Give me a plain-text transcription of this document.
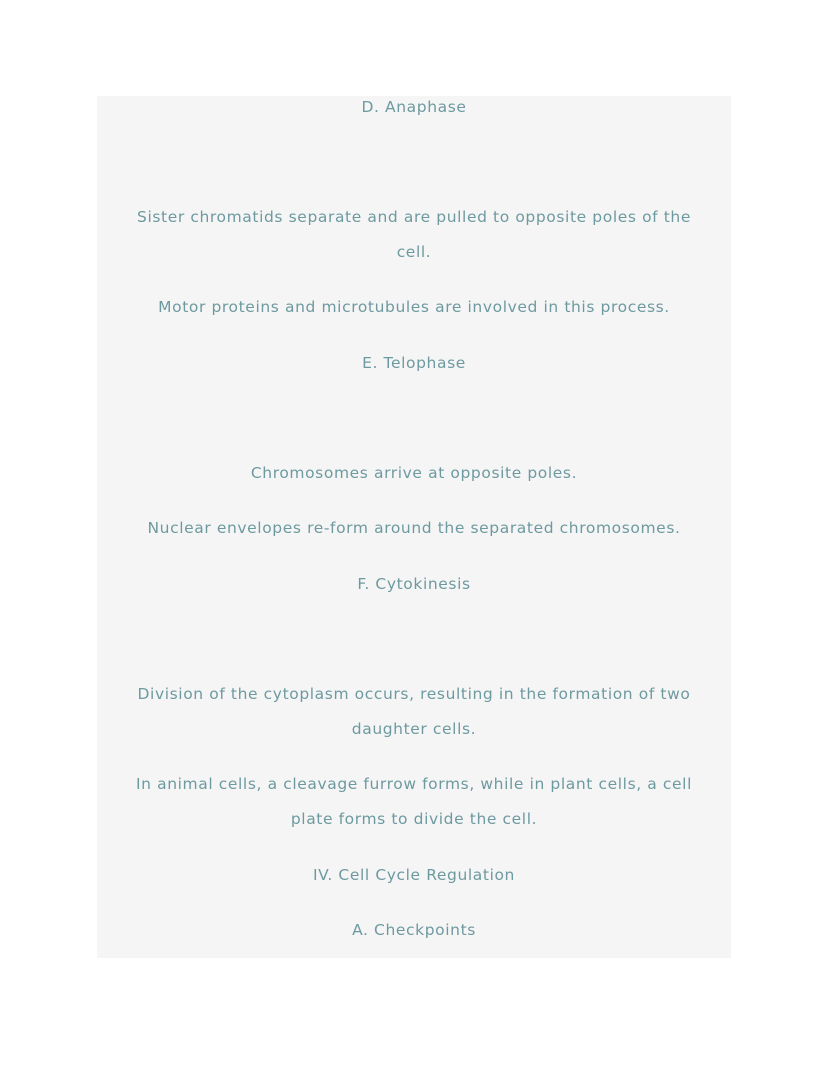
D. Anaphase
Sister chromatids separate and are pulled to opposite poles of the
cell.
Motor proteins and microtubules are involved in this process.
E. Telophase
Chromosomes arrive at opposite poles.
Nuclear envelopes re-form around the separated chromosomes.
F. Cytokinesis
Division of the cytoplasm occurs, resulting in the formation of two
daughter cells.
In animal cells, a cleavage furrow forms, while in plant cells, a cell
plate forms to divide the cell.
IV. Cell Cycle Regulation
A. Checkpoints
